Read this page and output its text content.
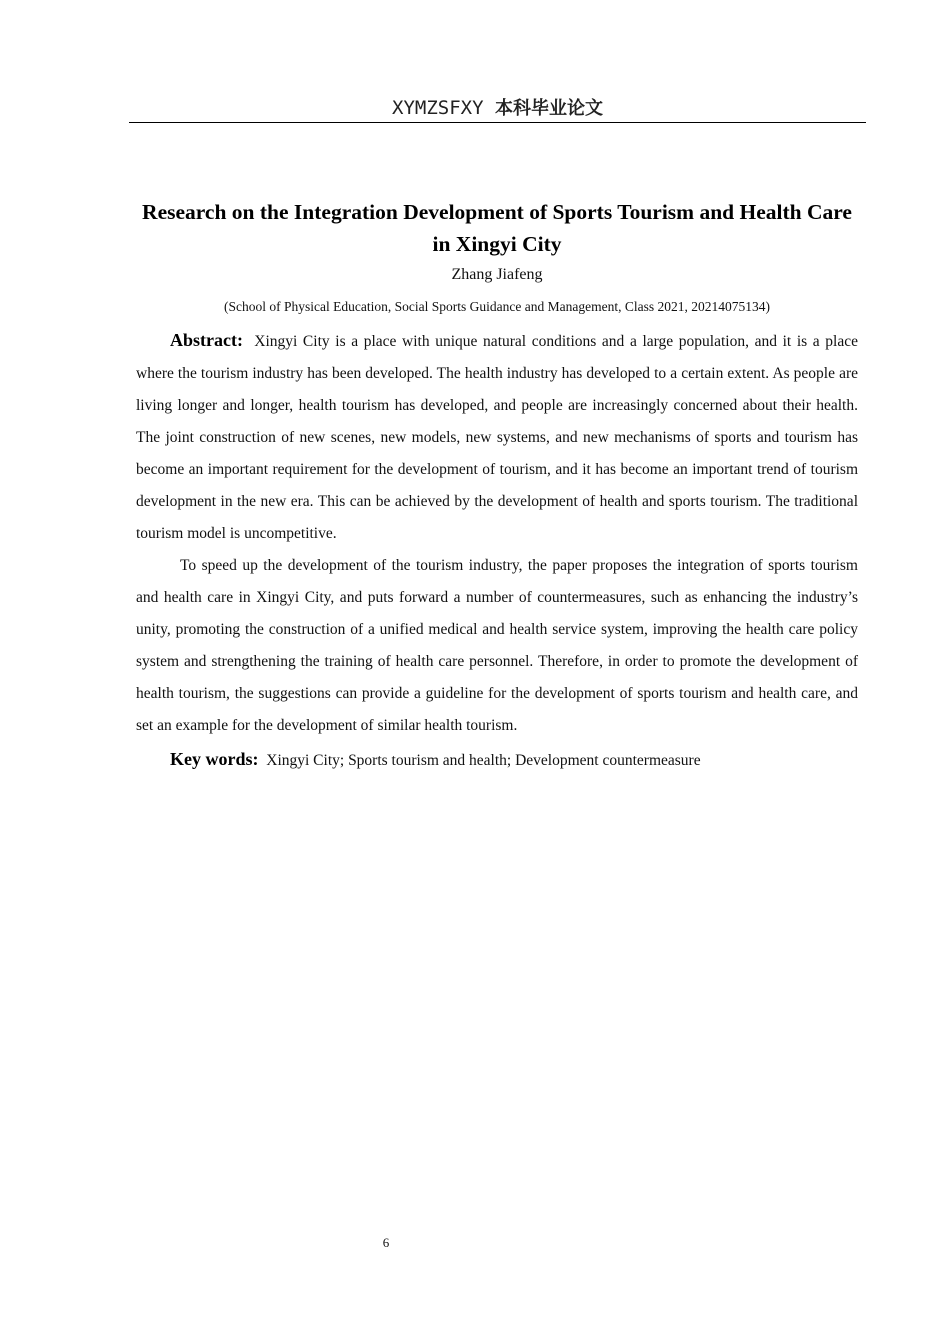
XYMZSFXY 本科毕业论文
Research on the Integration Development of Sports Tourism and Health Care in Xingyi City
Zhang Jiafeng
(School of Physical Education, Social Sports Guidance and Management, Class 2021, 20214075134)

Abstract: Xingyi City is a place with unique natural conditions and a large population, and it is a place where the tourism industry has been developed. The health industry has developed to a certain extent. As people are living longer and longer, health tourism has developed, and people are increasingly concerned about their health. The joint construction of new scenes, new models, new systems, and new mechanisms of sports and tourism has become an important requirement for the development of tourism, and it has become an important trend of tourism development in the new era. This can be achieved by the development of health and sports tourism. The traditional tourism model is uncompetitive.

To speed up the development of the tourism industry, the paper proposes the integration of sports tourism and health care in Xingyi City, and puts forward a number of countermeasures, such as enhancing the industry’s unity, promoting the construction of a unified medical and health service system, improving the health care policy system and strengthening the training of health care personnel. Therefore, in order to promote the development of health tourism, the suggestions can provide a guideline for the development of sports tourism and health care, and set an example for the development of similar health tourism.

Key words: Xingyi City; Sports tourism and health; Development countermeasure

6
